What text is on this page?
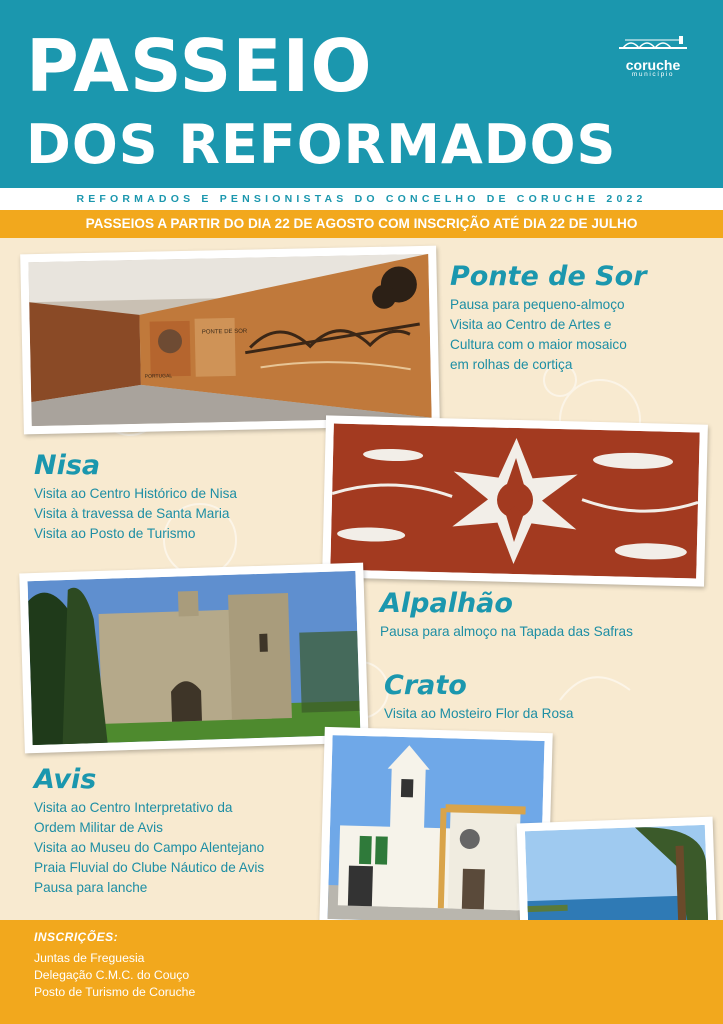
PASSEIO
DOS REFORMADOS
coruche
município
REFORMADOS E PENSIONISTAS DO CONCELHO DE CORUCHE 2022
PASSEIOS A PARTIR DO DIA 22 DE AGOSTO COM INSCRIÇÃO ATÉ DIA 22 DE JULHO
PONTE DE SOR
PORTUGAL
Ponte de Sor
Pausa para pequeno-almoço
Visita ao Centro de Artes e
Cultura com o maior mosaico
em rolhas de cortiça
Nisa
Visita ao Centro Histórico de Nisa
Visita à travessa de Santa Maria
Visita ao Posto de Turismo
Alpalhão
Pausa para almoço na Tapada das Safras
Crato
Visita ao Mosteiro Flor da Rosa
Avis
Visita ao Centro Interpretativo da
Ordem Militar de Avis
Visita ao Museu do Campo Alentejano
Praia Fluvial do Clube Náutico de Avis
Pausa para lanche
INSCRIÇÕES:
Juntas de Freguesia
Delegação C.M.C. do Couço
Posto de Turismo de Coruche
